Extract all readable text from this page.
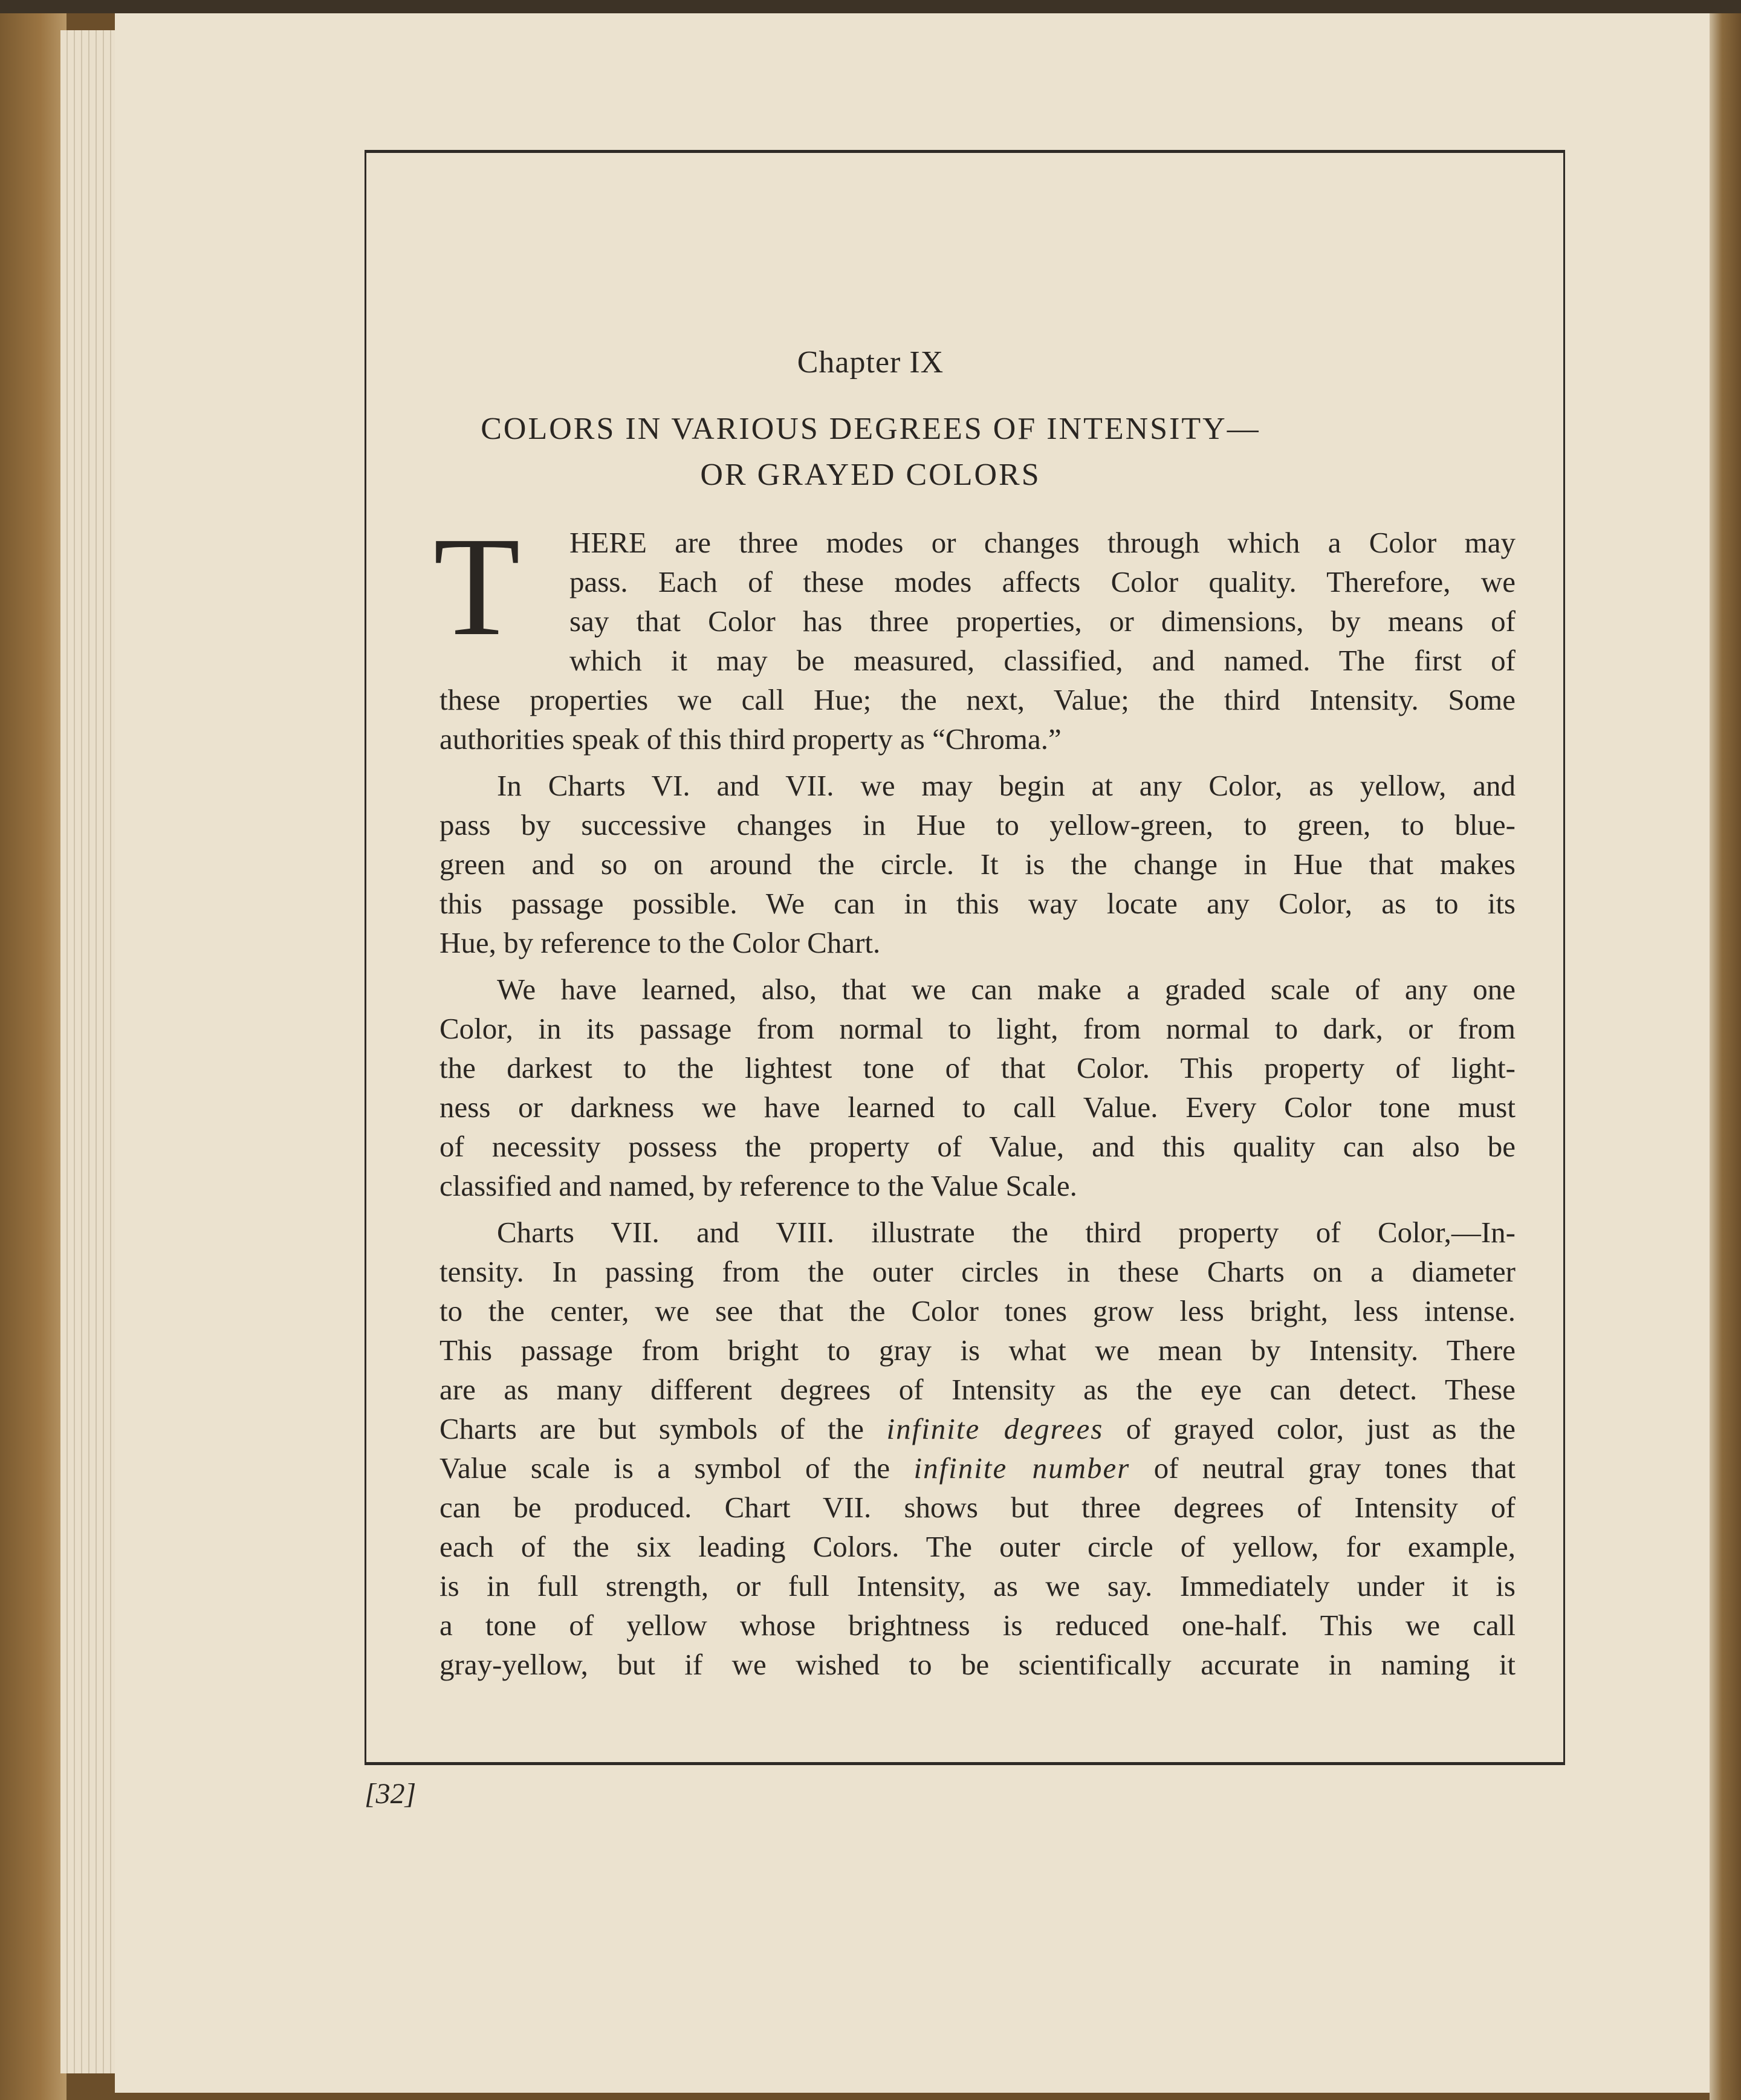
Chapter IX
COLORS IN VARIOUS DEGREES OF INTENSITY—
OR GRAYED COLORS
T	HERE are three modes or changes through which a Color may
pass. Each of these modes affects Color quality. Therefore, we
say that Color has three properties, or dimensions, by means of
which it may be measured, classified, and named. The first of
these properties we call Hue; the next, Value; the third Intensity. Some
authorities speak of this third property as “Chroma.”
In Charts VI. and VII. we may begin at any Color, as yellow, and
pass by successive changes in Hue to yellow-green, to green, to blue-
green and so on around the circle. It is the change in Hue that makes
this passage possible. We can in this way locate any Color, as to its
Hue, by reference to the Color Chart.
We have learned, also, that we can make a graded scale of any one
Color, in its passage from normal to light, from normal to dark, or from
the darkest to the lightest tone of that Color. This property of light-
ness or darkness we have learned to call Value. Every Color tone must
of necessity possess the property of Value, and this quality can also be
classified and named, by reference to the Value Scale.
Charts VII. and VIII. illustrate the third property of Color,—In-
tensity. In passing from the outer circles in these Charts on a diameter
to the center, we see that the Color tones grow less bright, less intense.
This passage from bright to gray is what we mean by Intensity. There
are as many different degrees of Intensity as the eye can detect. These
Charts are but symbols of the infinite degrees of grayed color, just as the
Value scale is a symbol of the infinite number of neutral gray tones that
can be produced. Chart VII. shows but three degrees of Intensity of
each of the six leading Colors. The outer circle of yellow, for example,
is in full strength, or full Intensity, as we say. Immediately under it is
a tone of yellow whose brightness is reduced one-half. This we call
gray-yellow, but if we wished to be scientifically accurate in naming it
[32]
